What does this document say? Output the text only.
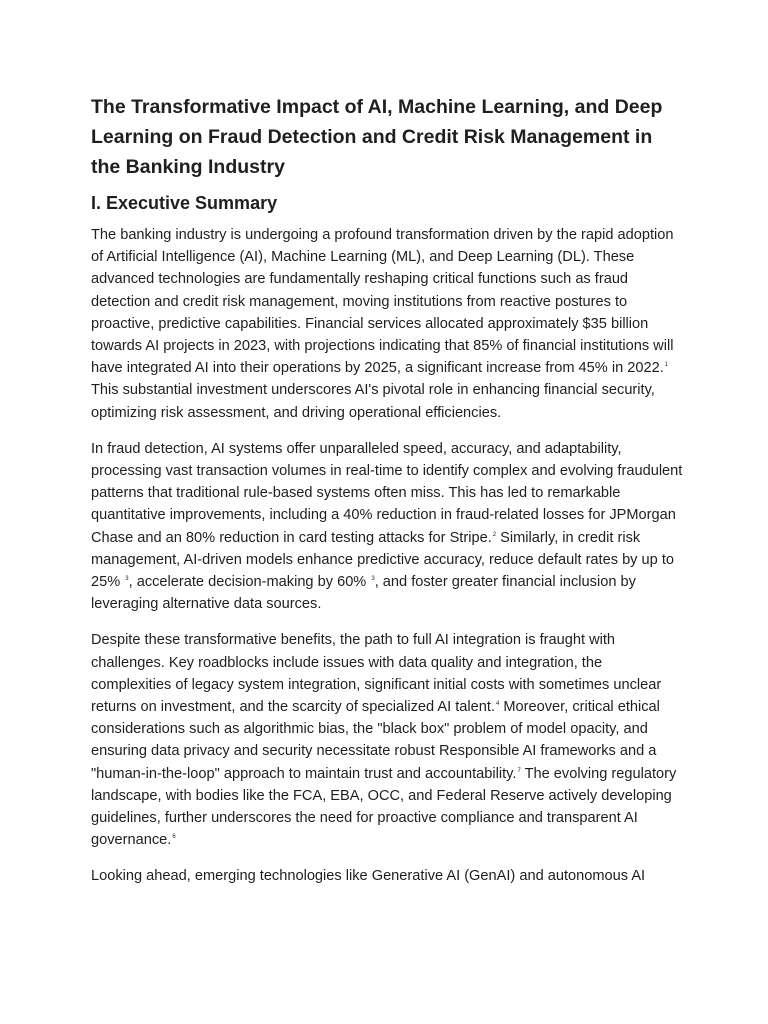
The Transformative Impact of AI, Machine Learning, and Deep Learning on Fraud Detection and Credit Risk Management in the Banking Industry
I. Executive Summary

The banking industry is undergoing a profound transformation driven by the rapid adoption of Artificial Intelligence (AI), Machine Learning (ML), and Deep Learning (DL). These advanced technologies are fundamentally reshaping critical functions such as fraud detection and credit risk management, moving institutions from reactive postures to proactive, predictive capabilities. Financial services allocated approximately $35 billion towards AI projects in 2023, with projections indicating that 85% of financial institutions will have integrated AI into their operations by 2025, a significant increase from 45% in 2022.$^1$ This substantial investment underscores AI's pivotal role in enhancing financial security, optimizing risk assessment, and driving operational efficiencies.

In fraud detection, AI systems offer unparalleled speed, accuracy, and adaptability, processing vast transaction volumes in real-time to identify complex and evolving fraudulent patterns that traditional rule-based systems often miss. This has led to remarkable quantitative improvements, including a 40% reduction in fraud-related losses for JPMorgan Chase and an 80% reduction in card testing attacks for Stripe.$^2$ Similarly, in credit risk management, AI-driven models enhance predictive accuracy, reduce default rates by up to 25% $^3$, accelerate decision-making by 60% $^3$, and foster greater financial inclusion by leveraging alternative data sources.

Despite these transformative benefits, the path to full AI integration is fraught with challenges. Key roadblocks include issues with data quality and integration, the complexities of legacy system integration, significant initial costs with sometimes unclear returns on investment, and the scarcity of specialized AI talent.$^4$ Moreover, critical ethical considerations such as algorithmic bias, the "black box" problem of model opacity, and ensuring data privacy and security necessitate robust Responsible AI frameworks and a "human-in-the-loop" approach to maintain trust and accountability.$^7$ The evolving regulatory landscape, with bodies like the FCA, EBA, OCC, and Federal Reserve actively developing guidelines, further underscores the need for proactive compliance and transparent AI governance.$^6$

Looking ahead, emerging technologies like Generative AI (GenAI) and autonomous AI
